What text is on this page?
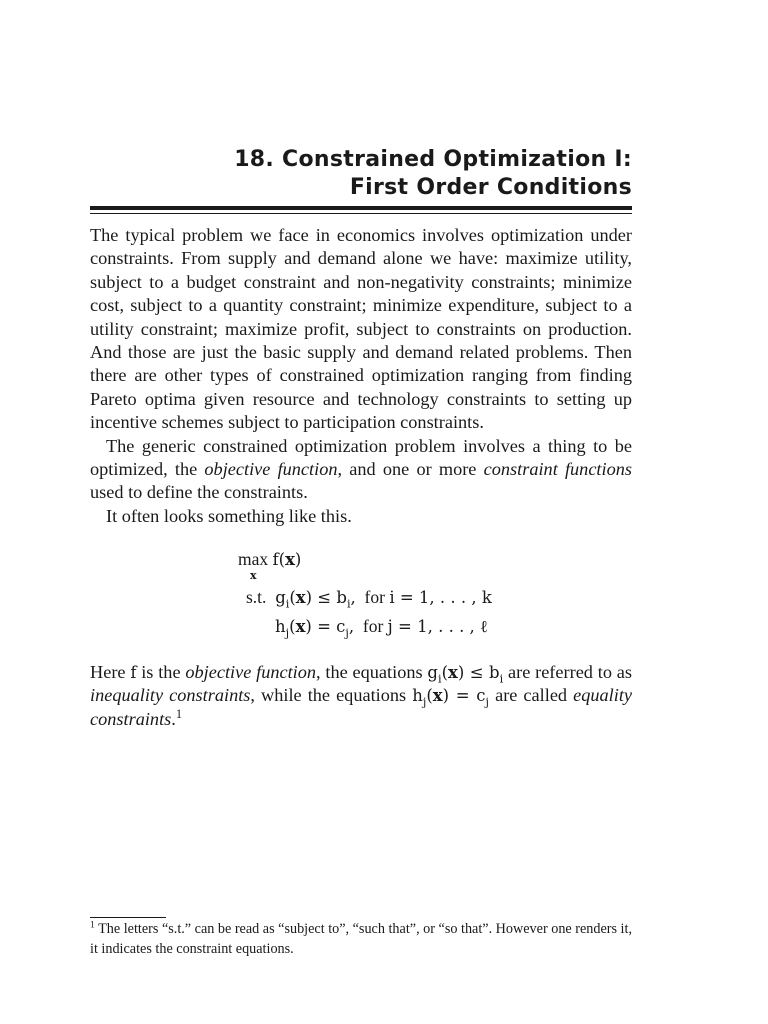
18. Constrained Optimization I:
First Order Conditions

The typical problem we face in economics involves optimization under constraints. From supply and demand alone we have: maximize utility, subject to a budget constraint and non-negativity constraints; minimize cost, subject to a quantity constraint; minimize expenditure, subject to a utility constraint; maximize profit, subject to constraints on production. And those are just the basic supply and demand related problems. Then there are other types of constrained optimization ranging from finding Pareto optima given resource and technology constraints to setting up incentive schemes subject to participation constraints.

The generic constrained optimization problem involves a thing to be optimized, the objective function, and one or more constraint functions used to define the constraints.

It often looks something like this.

max f(x)
x
s.t. $g_i(x) \le b_i$,  for i = 1, . . . , k
$h_j(x) = c_j$,  for j = 1, . . . , ℓ

Here f is the objective function, the equations $g_i(x) \le b_i$ are referred to as inequality constraints, while the equations $h_j(x) = c_j$ are called equality constraints.$^1$

$^1$ The letters “s.t.” can be read as “subject to”, “such that”, or “so that”. However one renders it, it indicates the constraint equations.
